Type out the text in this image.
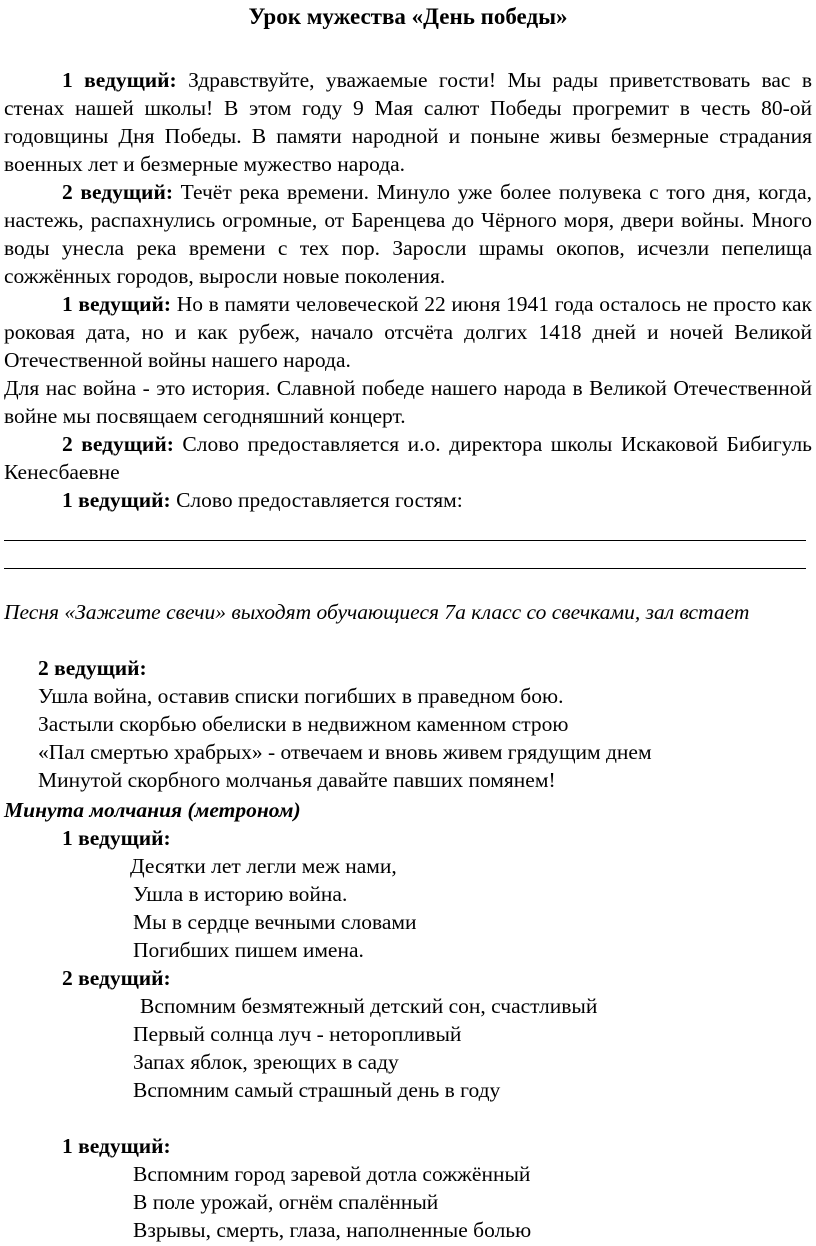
Урок мужества «День победы»
1 ведущий: Здравствуйте, уважаемые гости! Мы рады приветствовать вас в стенах нашей школы! В этом году 9 Мая салют Победы прогремит в честь 80-ой годовщины Дня Победы. В памяти народной и поныне живы безмерные страдания военных лет и безмерные мужество народа.
2 ведущий: Течёт река времени. Минуло уже более полувека с того дня, когда, настежь, распахнулись огромные, от Баренцева до Чёрного моря, двери войны. Много воды унесла река времени с тех пор. Заросли шрамы окопов, исчезли пепелища сожжённых городов, выросли новые поколения.
1 ведущий: Но в памяти человеческой 22 июня 1941 года осталось не просто как роковая дата, но и как рубеж, начало отсчёта долгих 1418 дней и ночей Великой Отечественной войны нашего народа.
Для нас война - это история. Славной победе нашего народа в Великой Отечественной войне мы посвящаем сегодняшний концерт.
2 ведущий: Слово предоставляется и.о. директора школы Искаковой Бибигуль Кенесбаевне
1 ведущий: Слово предоставляется гостям:
Песня «Зажгите свечи» выходят обучающиеся 7а класс со свечками, зал встает
2 ведущий:
Ушла война, оставив списки погибших в праведном бою.
Застыли скорбью обелиски в недвижном каменном строю
«Пал смертью храбрых» - отвечаем и вновь живем грядущим днем
Минутой скорбного молчанья давайте павших помянем!
Минута молчания (метроном)
1 ведущий:
Десятки лет легли меж нами,
Ушла в историю война.
Мы в сердце вечными словами
Погибших пишем имена.
2 ведущий:
Вспомним безмятежный детский сон, счастливый
Первый солнца луч - неторопливый
Запах яблок, зреющих в саду
Вспомним самый страшный день в году
1 ведущий:
Вспомним город заревой дотла сожжённый
В поле урожай, огнём спалённый
Взрывы, смерть, глаза, наполненные болью
